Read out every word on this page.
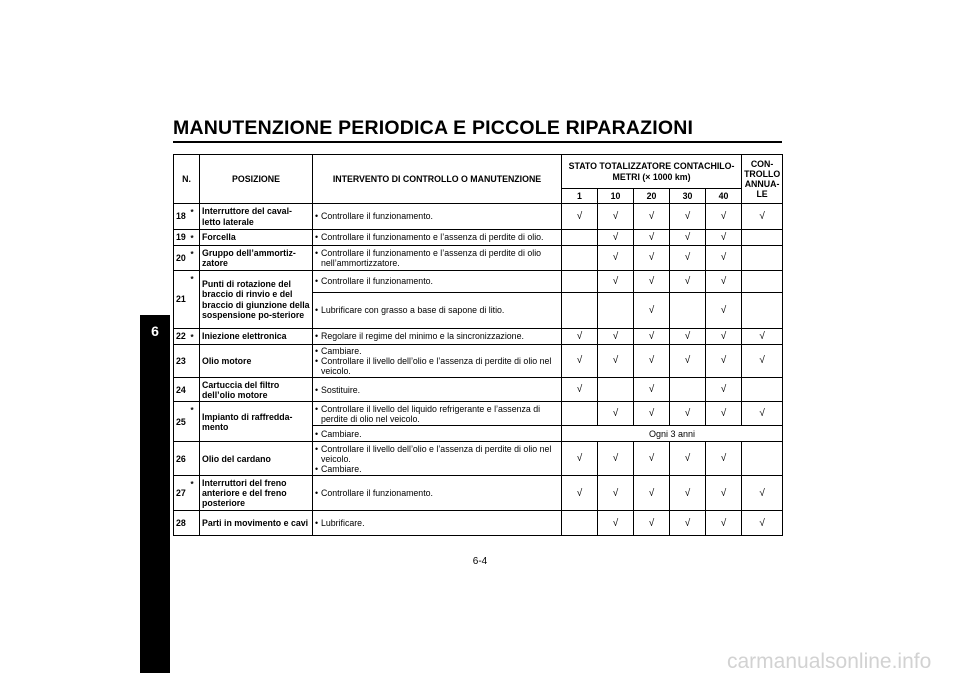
MANUTENZIONE PERIODICA E PICCOLE RIPARAZIONI
6
N.		POSIZIONE	INTERVENTO DI CONTROLLO O MANUTENZIONE	STATO TOTALIZZATORE CONTACHILO-METRI (× 1000 km)					CON-TROLLO ANNUA-LE
				1	10	20	30	40	
18	*	Interruttore del caval-letto laterale	• Controllare il funzionamento.	√	√	√	√	√	√
19	*	Forcella	• Controllare il funzionamento e l’assenza di perdite di olio.		√	√	√	√	
20	*	Gruppo dell’ammortiz-zatore	• Controllare il funzionamento e l’assenza di perdite di olio nell’ammortizzatore.		√	√	√	√	
21	*	Punti di rotazione del braccio di rinvio e del braccio di giunzione della sospensione po-steriore	• Controllare il funzionamento.		√	√	√	√	

			• Lubrificare con grasso a base di sapone di litio.			√		√	
22	*	Iniezione elettronica	• Regolare il regime del minimo e la sincronizzazione.	√	√	√	√	√	√
23		Olio motore	• Cambiare.
• Controllare il livello dell’olio e l’assenza di perdite di olio nel veicolo.	√	√	√	√	√	√
24		Cartuccia del filtro dell’olio motore	• Sostituire.	√		√		√	
25	*	Impianto di raffredda-mento	• Controllare il livello del liquido refrigerante e l’assenza di perdite di olio nel veicolo.		√	√	√	√	√

			• Cambiare.	Ogni 3 anni					
26		Olio del cardano	• Controllare il livello dell’olio e l’assenza di perdite di olio nel veicolo.
• Cambiare.	√	√	√	√	√	
27	*	Interruttori del freno anteriore e del freno posteriore	• Controllare il funzionamento.	√	√	√	√	√	√
28		Parti in movimento e cavi	• Lubrificare.		√	√	√	√	√
6-4
carmanualsonline.info
